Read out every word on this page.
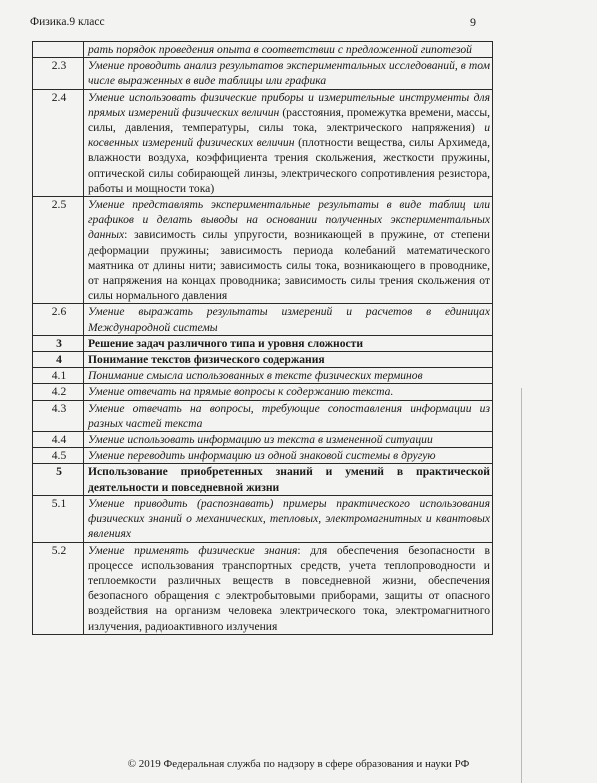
Физика.9 класс	9
	рать порядок проведения опыта в соответствии с предложенной гипотезой
2.3	Умение проводить анализ результатов экспериментальных исследований, в том числе выраженных в виде таблицы или графика
2.4	Умение использовать физические приборы и измерительные инструменты для прямых измерений физических величин (расстояния, промежутка времени, массы, силы, давления, температуры, силы тока, электрического напряжения) и косвенных измерений физических величин (плотности вещества, силы Архимеда, влажности воздуха, коэффициента трения скольжения, жесткости пружины, оптической силы собирающей линзы, электрического сопротивления резистора, работы и мощности тока)
2.5	Умение представлять экспериментальные результаты в виде таблиц или графиков и делать выводы на основании полученных экспериментальных данных: зависимость силы упругости, возникающей в пружине, от степени деформации пружины; зависимость периода колебаний математического маятника от длины нити; зависимость силы тока, возникающего в проводнике, от напряжения на концах проводника; зависимость силы трения скольжения от силы нормального давления
2.6	Умение выражать результаты измерений и расчетов в единицах Международной системы
3	Решение задач различного типа и уровня сложности
4	Понимание текстов физического содержания
4.1	Понимание смысла использованных в тексте физических терминов
4.2	Умение отвечать на прямые вопросы к содержанию текста.
4.3	Умение отвечать на вопросы, требующие сопоставления информации из разных частей текста
4.4	Умение использовать информацию из текста в измененной ситуации
4.5	Умение переводить информацию из одной знаковой системы в другую
5	Использование приобретенных знаний и умений в практической деятельности и повседневной жизни
5.1	Умение приводить (распознавать) примеры практического использования физических знаний о механических, тепловых, электромагнитных и квантовых явлениях
5.2	Умение применять физические знания: для обеспечения безопасности в процессе использования транспортных средств, учета теплопроводности и теплоемкости различных веществ в повседневной жизни, обеспечения безопасного обращения с электробытовыми приборами, защиты от опасного воздействия на организм человека электрического тока, электромагнитного излучения, радиоактивного излучения
© 2019 Федеральная служба по надзору в сфере образования и науки РФ
